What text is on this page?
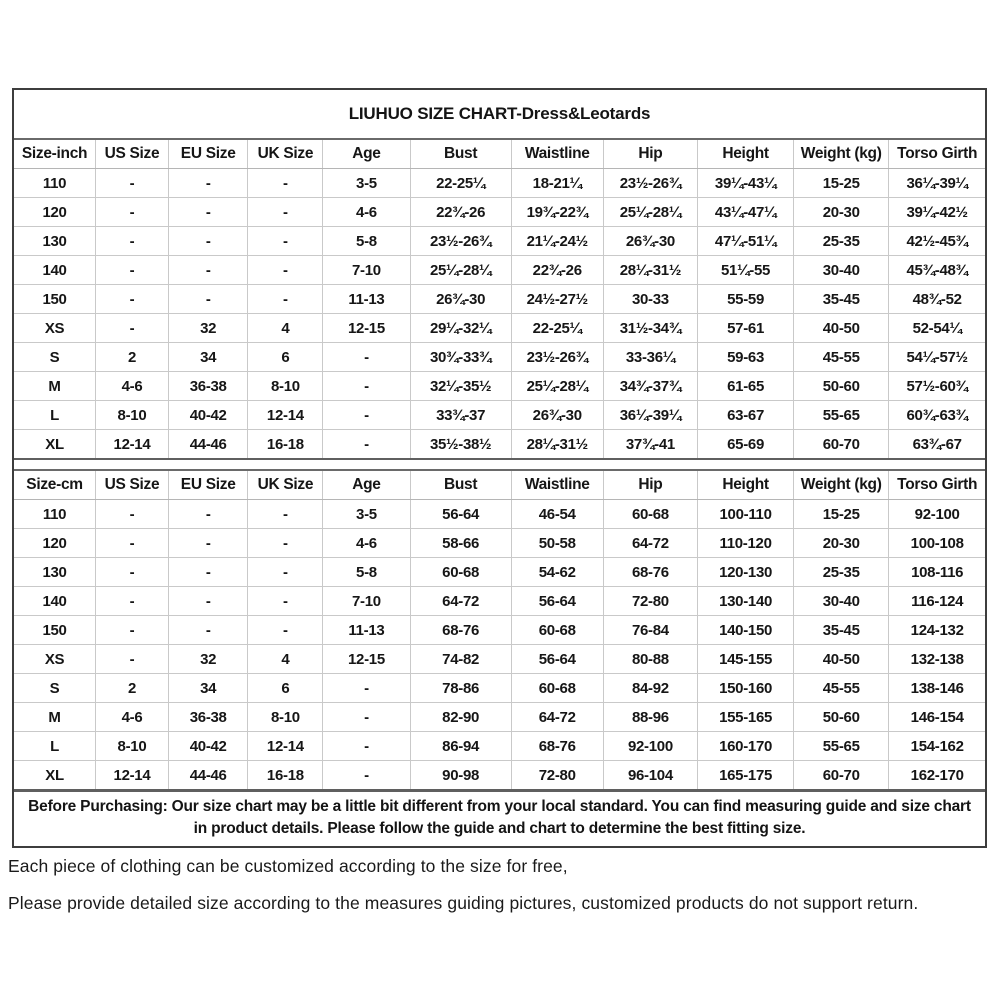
LIUHUO SIZE CHART-Dress&Leotards
Size-inch	US Size	EU Size	UK Size	Age	Bust	Waistline	Hip	Height	Weight (kg)	Torso Girth
110	-	-	-	3-5	22-25¼	18-21¼	23½-26¾	39¼-43¼	15-25	36¼-39¼
120	-	-	-	4-6	22¾-26	19¾-22¾	25¼-28¼	43¼-47¼	20-30	39¼-42½
130	-	-	-	5-8	23½-26¾	21¼-24½	26¾-30	47¼-51¼	25-35	42½-45¾
140	-	-	-	7-10	25¼-28¼	22¾-26	28¼-31½	51¼-55	30-40	45¾-48¾
150	-	-	-	11-13	26¾-30	24½-27½	30-33	55-59	35-45	48¾-52
XS	-	32	4	12-15	29¼-32¼	22-25¼	31½-34¾	57-61	40-50	52-54¼
S	2	34	6	-	30¾-33¾	23½-26¾	33-36¼	59-63	45-55	54¼-57½
M	4-6	36-38	8-10	-	32¼-35½	25¼-28¼	34¾-37¾	61-65	50-60	57½-60¾
L	8-10	40-42	12-14	-	33¾-37	26¾-30	36¼-39¼	63-67	55-65	60¾-63¾
XL	12-14	44-46	16-18	-	35½-38½	28¼-31½	37¾-41	65-69	60-70	63¾-67
Size-cm	US Size	EU Size	UK Size	Age	Bust	Waistline	Hip	Height	Weight (kg)	Torso Girth
110	-	-	-	3-5	56-64	46-54	60-68	100-110	15-25	92-100
120	-	-	-	4-6	58-66	50-58	64-72	110-120	20-30	100-108
130	-	-	-	5-8	60-68	54-62	68-76	120-130	25-35	108-116
140	-	-	-	7-10	64-72	56-64	72-80	130-140	30-40	116-124
150	-	-	-	11-13	68-76	60-68	76-84	140-150	35-45	124-132
XS	-	32	4	12-15	74-82	56-64	80-88	145-155	40-50	132-138
S	2	34	6	-	78-86	60-68	84-92	150-160	45-55	138-146
M	4-6	36-38	8-10	-	82-90	64-72	88-96	155-165	50-60	146-154
L	8-10	40-42	12-14	-	86-94	68-76	92-100	160-170	55-65	154-162
XL	12-14	44-46	16-18	-	90-98	72-80	96-104	165-175	60-70	162-170
Before Purchasing: Our size chart may be a little bit different from your local standard. You can find measuring guide and size chart in product details. Please follow the guide and chart to determine the best fitting size.
Each piece of clothing can be customized according to the size for free,
Please provide detailed size according to the measures guiding pictures, customized products do not support return.
